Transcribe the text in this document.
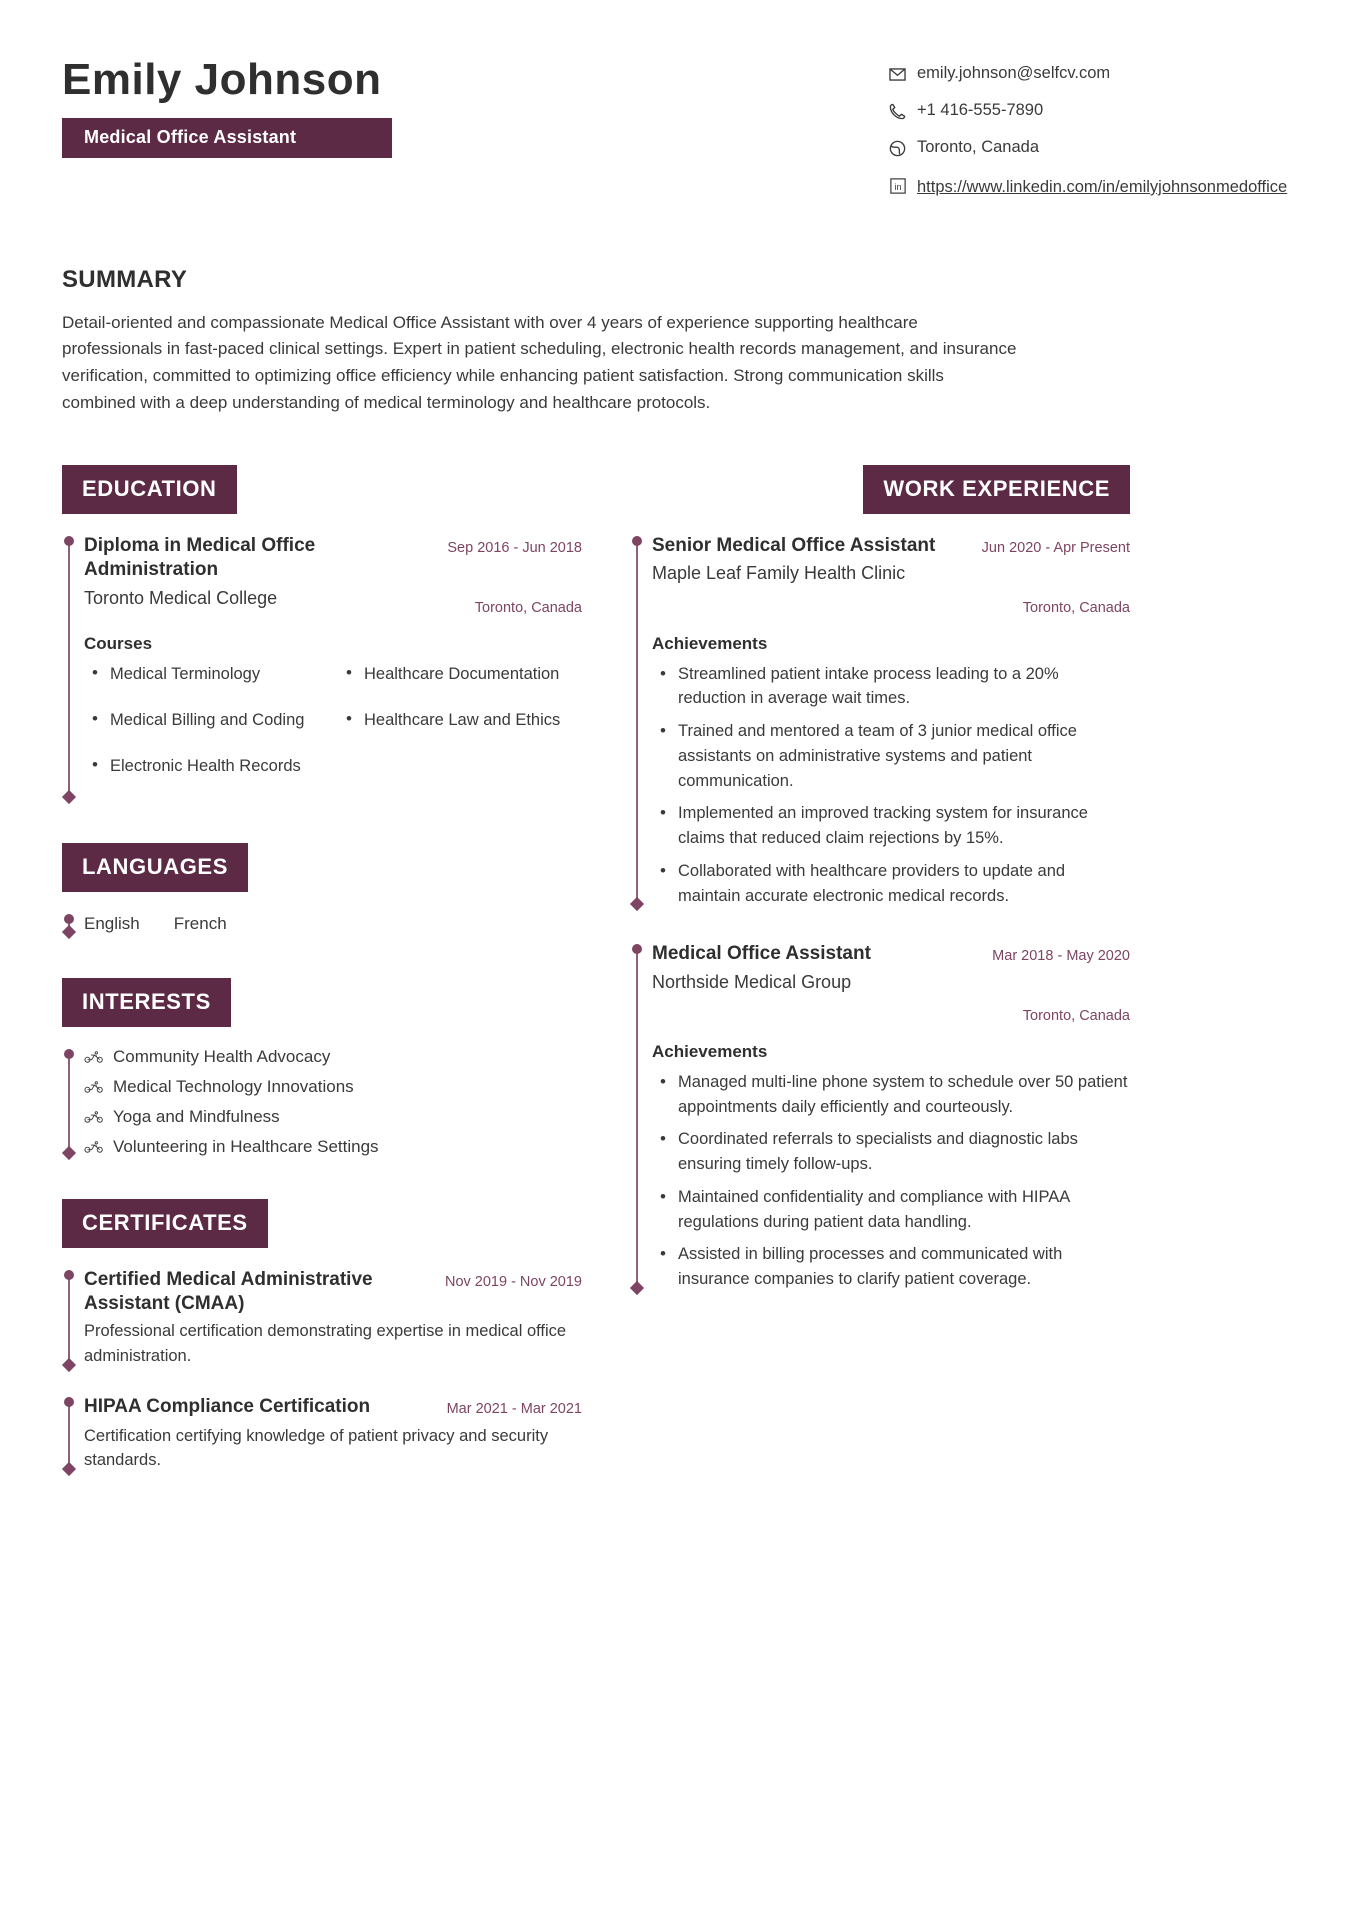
Emily Johnson
Medical Office Assistant
emily.johnson@selfcv.com
+1 416-555-7890
Toronto, Canada
in https://www.linkedin.com/in/emilyjohnsonmedoffice
SUMMARY

Detail-oriented and compassionate Medical Office Assistant with over 4 years of experience supporting healthcare professionals in fast-paced clinical settings. Expert in patient scheduling, electronic health records management, and insurance verification, committed to optimizing office efficiency while enhancing patient satisfaction. Strong communication skills combined with a deep understanding of medical terminology and healthcare protocols.

EDUCATION
Diploma in Medical Office Administration
Toronto Medical College
Sep 2016 - Jun 2018
Toronto, Canada
Courses
• Medical Terminology
• Medical Billing and Coding
• Electronic Health Records
• Healthcare Documentation
• Healthcare Law and Ethics
LANGUAGES
English French
INTERESTS
Community Health Advocacy
Medical Technology Innovations
Yoga and Mindfulness
Volunteering in Healthcare Settings
CERTIFICATES
Certified Medical Administrative Assistant (CMAA)
Nov 2019 - Nov 2019
Professional certification demonstrating expertise in medical office administration.
HIPAA Compliance Certification	Mar 2021 - Mar 2021
Certification certifying knowledge of patient privacy and security standards.
WORK EXPERIENCE
Senior Medical Office Assistant
Maple Leaf Family Health Clinic
Jun 2020 - Apr Present
Toronto, Canada
Achievements
• Streamlined patient intake process leading to a 20% reduction in average wait times.
• Trained and mentored a team of 3 junior medical office assistants on administrative systems and patient communication.
• Implemented an improved tracking system for insurance claims that reduced claim rejections by 15%.
• Collaborated with healthcare providers to update and maintain accurate electronic medical records.
Medical Office Assistant
Northside Medical Group
Mar 2018 - May 2020
Toronto, Canada
Achievements
• Managed multi-line phone system to schedule over 50 patient appointments daily efficiently and courteously.
• Coordinated referrals to specialists and diagnostic labs ensuring timely follow-ups.
• Maintained confidentiality and compliance with HIPAA regulations during patient data handling.
• Assisted in billing processes and communicated with insurance companies to clarify patient coverage.
